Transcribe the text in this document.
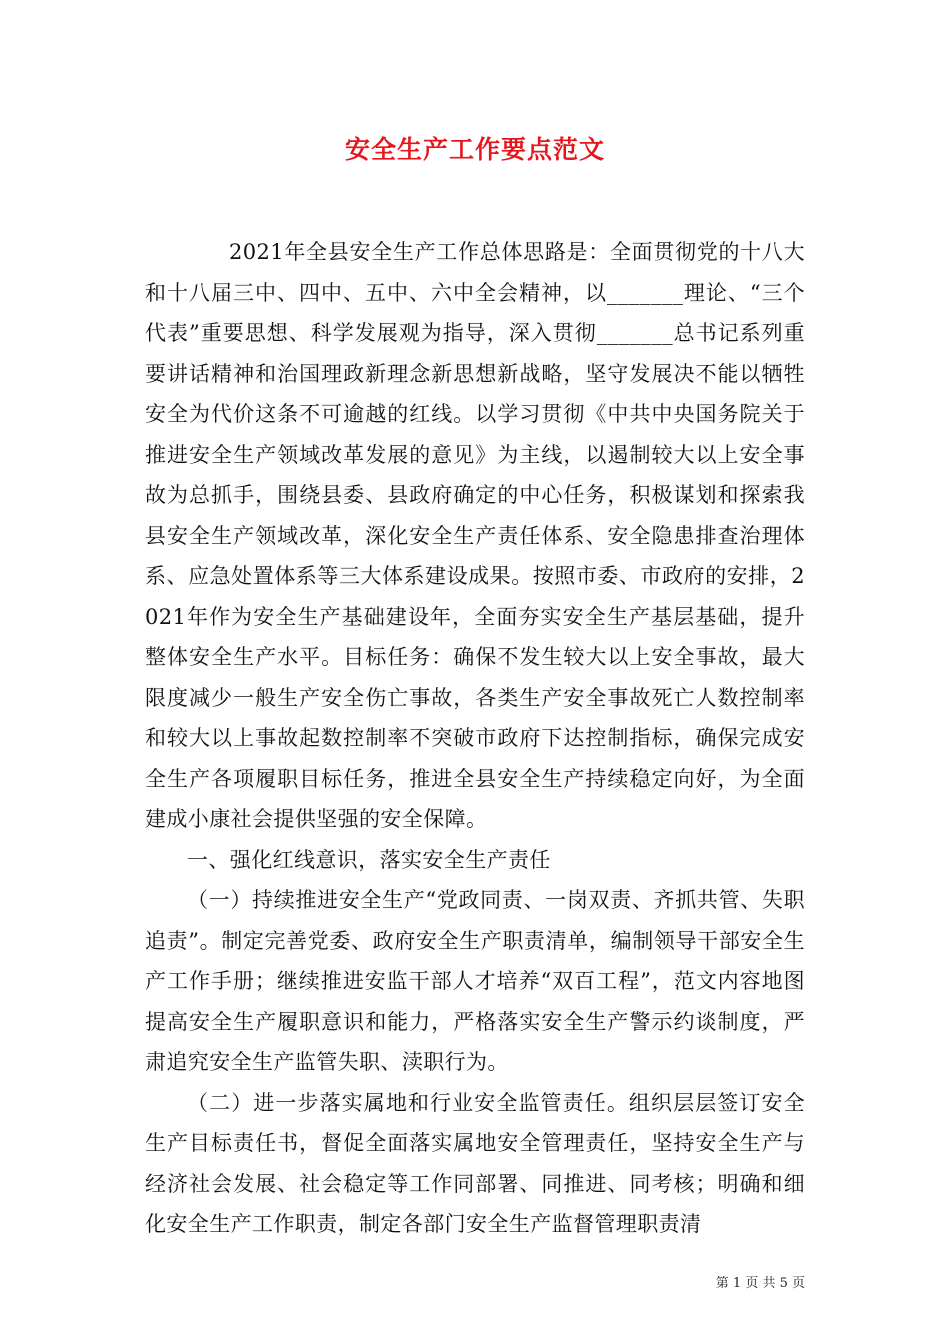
安全生产工作要点范文

2021年全县安全生产工作总体思路是：全面贯彻党的十八大和十八届三中、四中、五中、六中全会精神，以_______理论、“三个代表”重要思想、科学发展观为指导，深入贯彻_______总书记系列重要讲话精神和治国理政新理念新思想新战略，坚守发展决不能以牺牲安全为代价这条不可逾越的红线。以学习贯彻《中共中央国务院关于推进安全生产领域改革发展的意见》为主线，以遏制较大以上安全事故为总抓手，围绕县委、县政府确定的中心任务，积极谋划和探索我县安全生产领域改革，深化安全生产责任体系、安全隐患排查治理体系、应急处置体系等三大体系建设成果。按照市委、市政府的安排，2021年作为安全生产基础建设年，全面夯实安全生产基层基础，提升整体安全生产水平。目标任务：确保不发生较大以上安全事故，最大限度减少一般生产安全伤亡事故，各类生产安全事故死亡人数控制率和较大以上事故起数控制率不突破市政府下达控制指标，确保完成安全生产各项履职目标任务，推进全县安全生产持续稳定向好，为全面建成小康社会提供坚强的安全保障。

一、强化红线意识，落实安全生产责任

（一）持续推进安全生产“党政同责、一岗双责、齐抓共管、失职追责”。制定完善党委、政府安全生产职责清单，编制领导干部安全生产工作手册；继续推进安监干部人才培养“双百工程”，范文内容地图提高安全生产履职意识和能力，严格落实安全生产警示约谈制度，严肃追究安全生产监管失职、渎职行为。

（二）进一步落实属地和行业安全监管责任。组织层层签订安全生产目标责任书，督促全面落实属地安全管理责任，坚持安全生产与经济社会发展、社会稳定等工作同部署、同推进、同考核；明确和细化安全生产工作职责，制定各部门安全生产监督管理职责清

第 1 页 共 5 页
